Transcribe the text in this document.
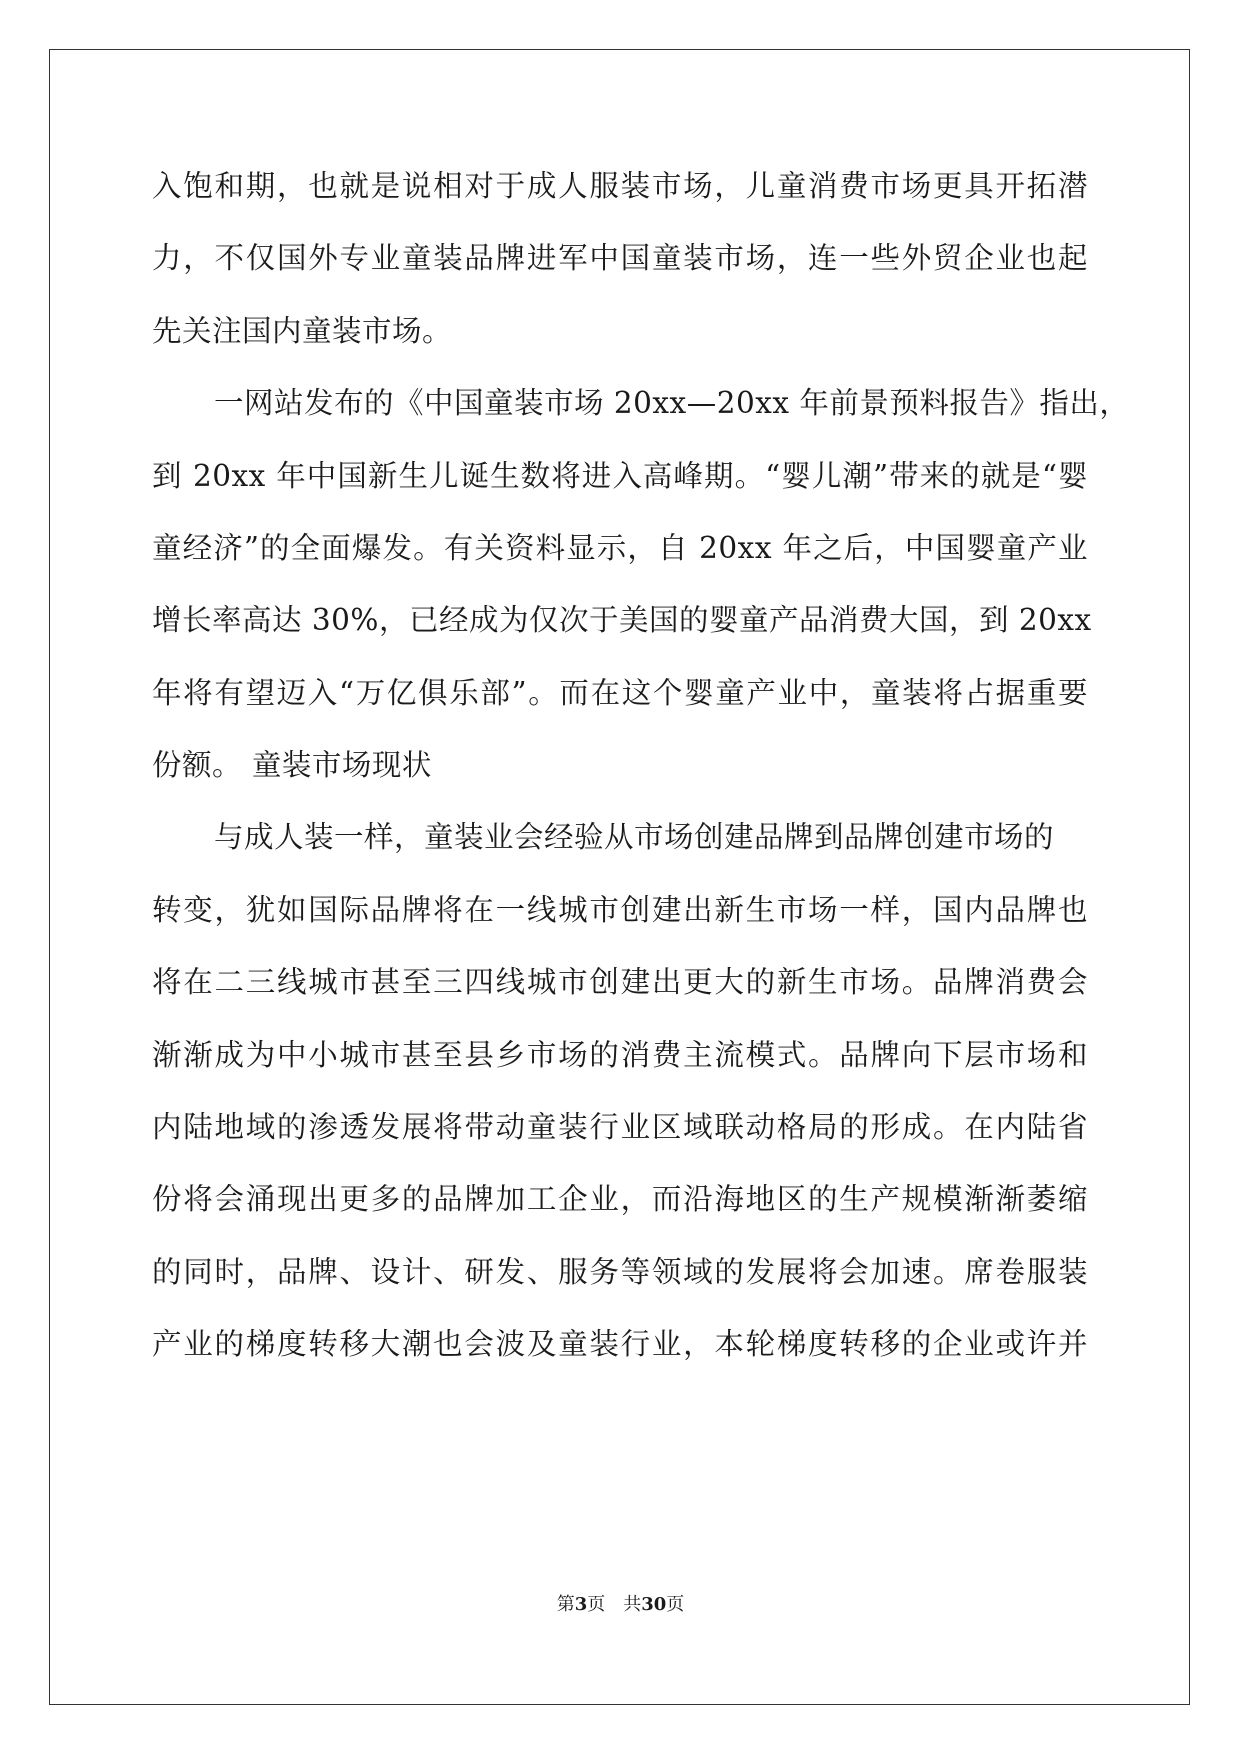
入饱和期，也就是说相对于成人服装市场，儿童消费市场更具开拓潜
力，不仅国外专业童装品牌进军中国童装市场，连一些外贸企业也起
先关注国内童装市场。
一网站发布的《中国童装市场 20xx—20xx 年前景预料报告》指出，
到 20xx 年中国新生儿诞生数将进入高峰期。“婴儿潮”带来的就是“婴
童经济”的全面爆发。有关资料显示，自 20xx 年之后，中国婴童产业
增长率高达 30%，已经成为仅次于美国的婴童产品消费大国，到 20xx
年将有望迈入“万亿俱乐部”。而在这个婴童产业中，童装将占据重要
份额。 童装市场现状
与成人装一样，童装业会经验从市场创建品牌到品牌创建市场的
转变，犹如国际品牌将在一线城市创建出新生市场一样，国内品牌也
将在二三线城市甚至三四线城市创建出更大的新生市场。品牌消费会
渐渐成为中小城市甚至县乡市场的消费主流模式。品牌向下层市场和
内陆地域的渗透发展将带动童装行业区域联动格局的形成。在内陆省
份将会涌现出更多的品牌加工企业，而沿海地区的生产规模渐渐萎缩
的同时，品牌、设计、研发、服务等领域的发展将会加速。席卷服装
产业的梯度转移大潮也会波及童装行业，本轮梯度转移的企业或许并
第3页　共30页
